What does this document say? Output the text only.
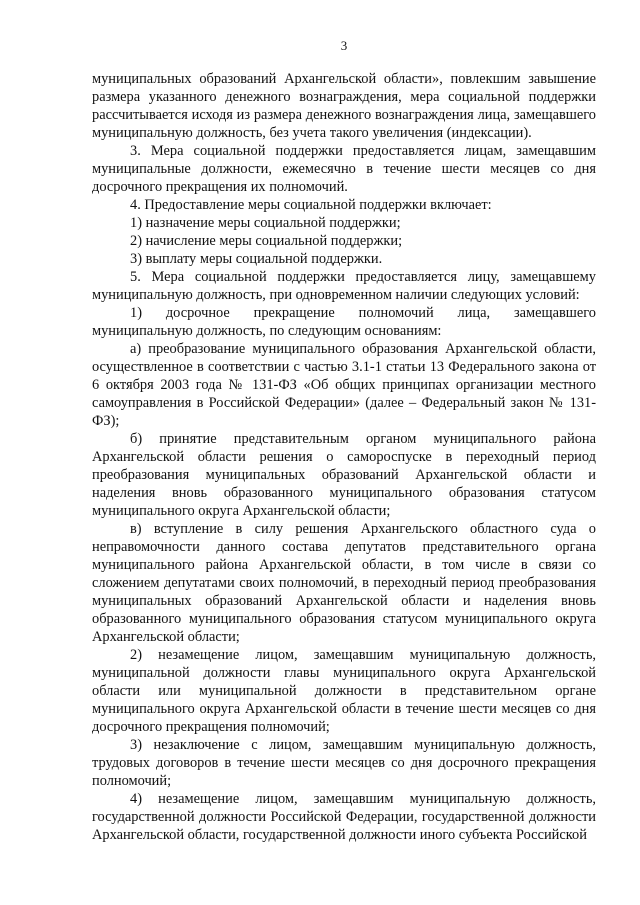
3

муниципальных образований Архангельской области», повлекшим завышение размера указанного денежного вознаграждения, мера социальной поддержки рассчитывается исходя из размера денежного вознаграждения лица, замещавшего муниципальную должность, без учета такого увеличения (индексации).

3. Мера социальной поддержки предоставляется лицам, замещавшим муниципальные должности, ежемесячно в течение шести месяцев со дня досрочного прекращения их полномочий.

4. Предоставление меры социальной поддержки включает:

1) назначение меры социальной поддержки;

2) начисление меры социальной поддержки;

3) выплату меры социальной поддержки.

5. Мера социальной поддержки предоставляется лицу, замещавшему муниципальную должность, при одновременном наличии следующих условий:

1) досрочное прекращение полномочий лица, замещавшего муниципальную должность, по следующим основаниям:

а) преобразование муниципального образования Архангельской области, осуществленное в соответствии с частью 3.1-1 статьи 13 Федерального закона от 6 октября 2003 года № 131-ФЗ «Об общих принципах организации местного самоуправления в Российской Федерации» (далее – Федеральный закон № 131-ФЗ);

б) принятие представительным органом муниципального района Архангельской области решения о самороспуске в переходный период преобразования муниципальных образований Архангельской области и наделения вновь образованного муниципального образования статусом муниципального округа Архангельской области;

в) вступление в силу решения Архангельского областного суда о неправомочности данного состава депутатов представительного органа муниципального района Архангельской области, в том числе в связи со сложением депутатами своих полномочий, в переходный период преобразования муниципальных образований Архангельской области и наделения вновь образованного муниципального образования статусом муниципального округа Архангельской области;

2) незамещение лицом, замещавшим муниципальную должность, муниципальной должности главы муниципального округа Архангельской области или муниципальной должности в представительном органе муниципального округа Архангельской области в течение шести месяцев со дня досрочного прекращения полномочий;

3) незаключение с лицом, замещавшим муниципальную должность, трудовых договоров в течение шести месяцев со дня досрочного прекращения полномочий;

4) незамещение лицом, замещавшим муниципальную должность, государственной должности Российской Федерации, государственной должности Архангельской области, государственной должности иного субъекта Российской
